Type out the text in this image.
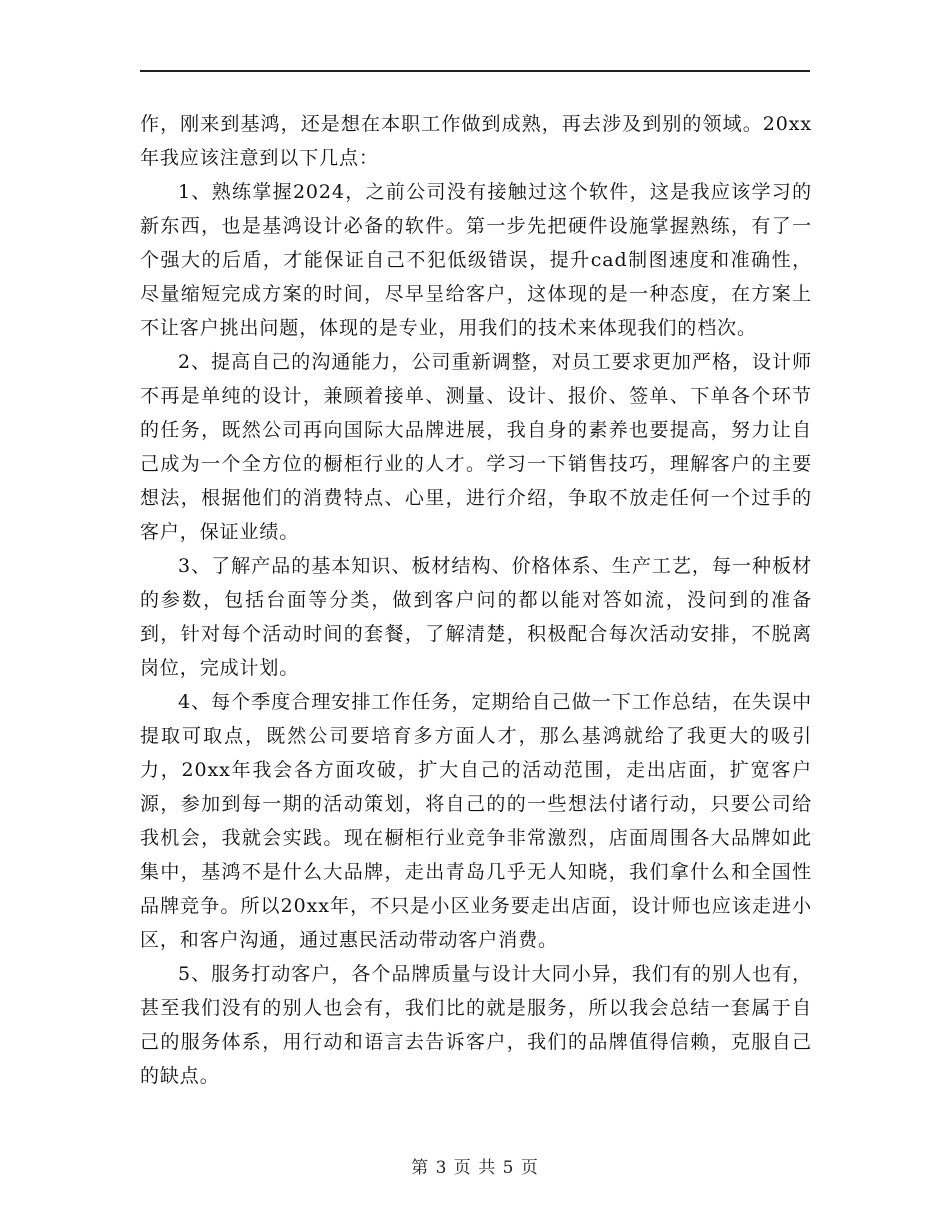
作，刚来到基鸿，还是想在本职工作做到成熟，再去涉及到别的领域。20xx年我应该注意到以下几点：

1、熟练掌握2024，之前公司没有接触过这个软件，这是我应该学习的新东西，也是基鸿设计必备的软件。第一步先把硬件设施掌握熟练，有了一个强大的后盾，才能保证自己不犯低级错误，提升cad制图速度和准确性，尽量缩短完成方案的时间，尽早呈给客户，这体现的是一种态度，在方案上不让客户挑出问题，体现的是专业，用我们的技术来体现我们的档次。

2、提高自己的沟通能力，公司重新调整，对员工要求更加严格，设计师不再是单纯的设计，兼顾着接单、测量、设计、报价、签单、下单各个环节的任务，既然公司再向国际大品牌进展，我自身的素养也要提高，努力让自己成为一个全方位的橱柜行业的人才。学习一下销售技巧，理解客户的主要想法，根据他们的消费特点、心里，进行介绍，争取不放走任何一个过手的客户，保证业绩。

3、了解产品的基本知识、板材结构、价格体系、生产工艺，每一种板材的参数，包括台面等分类，做到客户问的都以能对答如流，没问到的准备到，针对每个活动时间的套餐，了解清楚，积极配合每次活动安排，不脱离岗位，完成计划。

4、每个季度合理安排工作任务，定期给自己做一下工作总结，在失误中提取可取点，既然公司要培育多方面人才，那么基鸿就给了我更大的吸引力，20xx年我会各方面攻破，扩大自己的活动范围，走出店面，扩宽客户源，参加到每一期的活动策划，将自己的的一些想法付诸行动，只要公司给我机会，我就会实践。现在橱柜行业竞争非常激烈，店面周围各大品牌如此集中，基鸿不是什么大品牌，走出青岛几乎无人知晓，我们拿什么和全国性品牌竞争。所以20xx年，不只是小区业务要走出店面，设计师也应该走进小区，和客户沟通，通过惠民活动带动客户消费。

5、服务打动客户，各个品牌质量与设计大同小异，我们有的别人也有，甚至我们没有的别人也会有，我们比的就是服务，所以我会总结一套属于自己的服务体系，用行动和语言去告诉客户，我们的品牌值得信赖，克服自己的缺点。

第 3 页 共 5 页
